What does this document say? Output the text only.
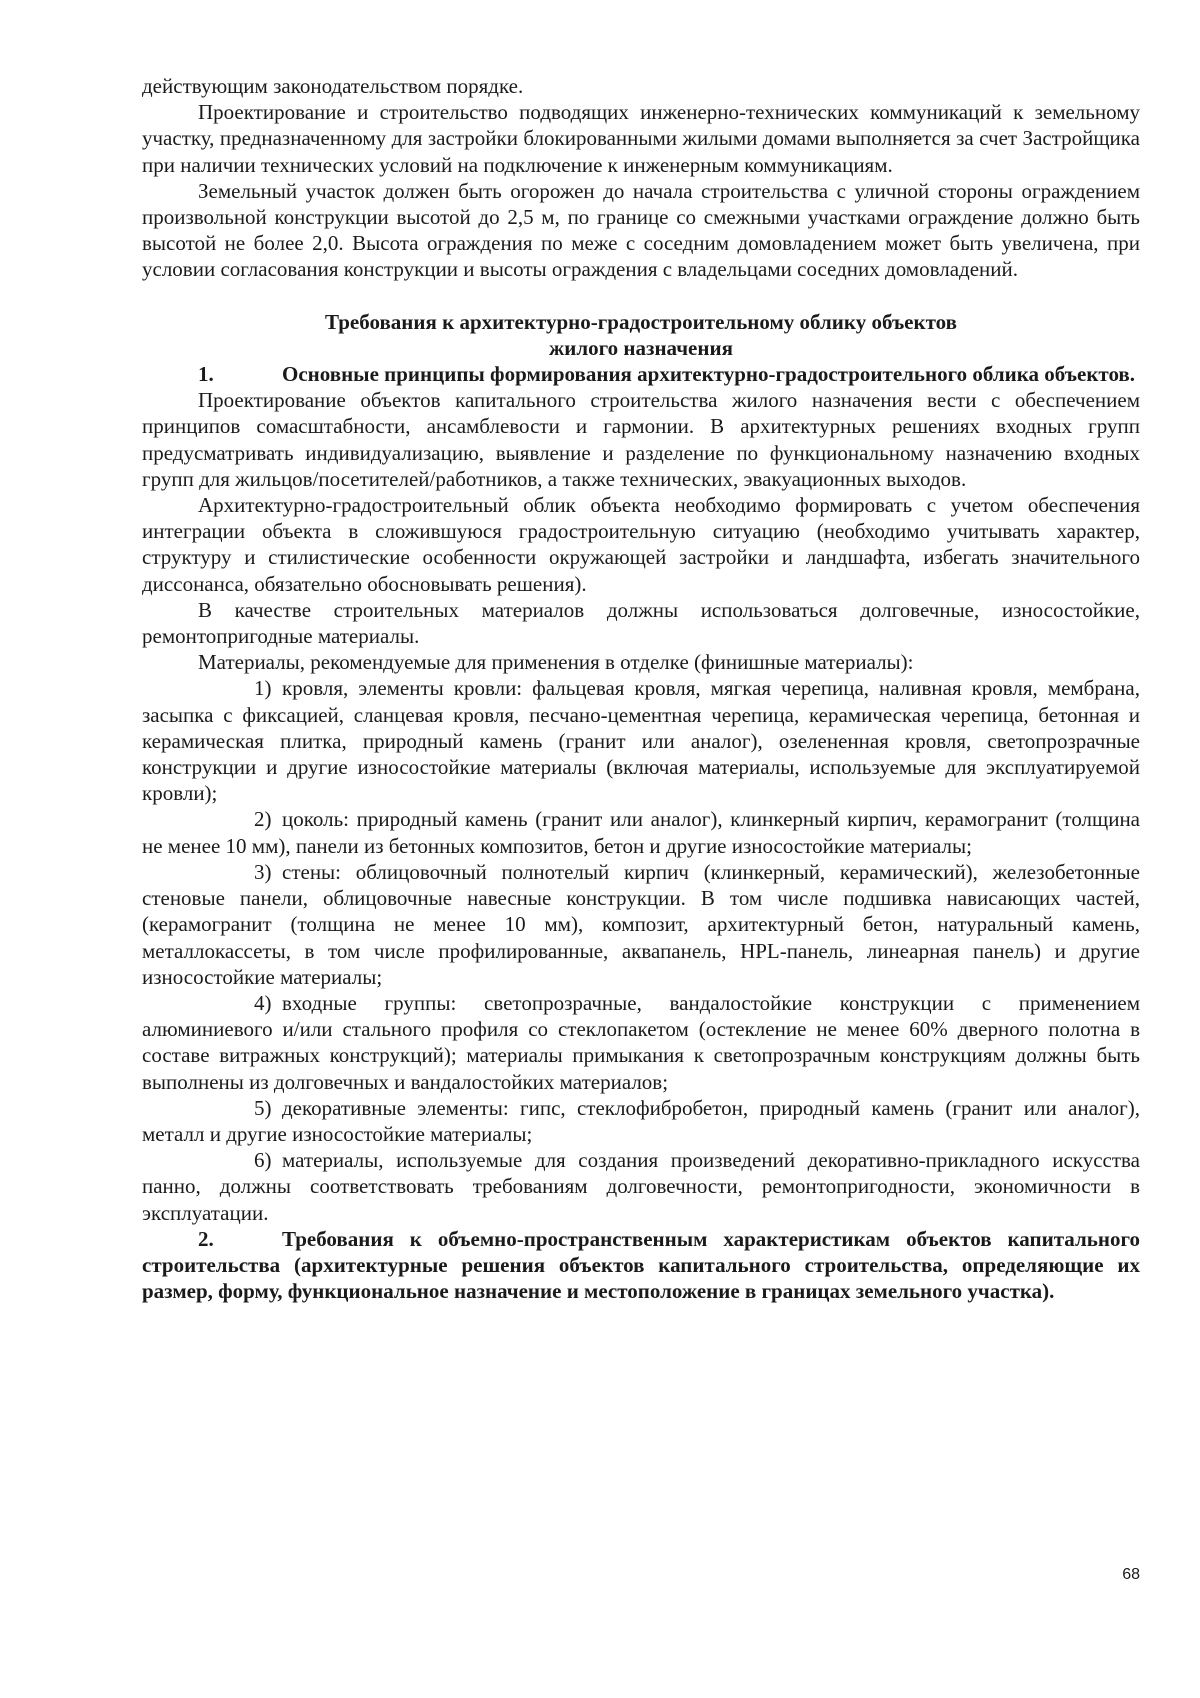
действующим законодательством порядке.

Проектирование и строительство подводящих инженерно-технических коммуникаций к земельному участку, предназначенному для застройки блокированными жилыми домами выполняется за счет Застройщика при наличии технических условий на подключение к инженерным коммуникациям.

Земельный участок должен быть огорожен до начала строительства с уличной стороны ограждением произвольной конструкции высотой до 2,5 м, по границе со смежными участками ограждение должно быть высотой не более 2,0. Высота ограждения по меже с соседним домовладением может быть увеличена, при условии согласования конструкции и высоты ограждения с владельцами соседних домовладений.

Требования к архитектурно-градостроительному облику объектов
жилого назначения

1.	Основные принципы формирования архитектурно-градостроительного облика объектов.

Проектирование объектов капитального строительства жилого назначения вести с обеспечением принципов сомасштабности, ансамблевости и гармонии. В архитектурных решениях входных групп предусматривать индивидуализацию, выявление и разделение по функциональному назначению входных групп для жильцов/посетителей/работников, а также технических, эвакуационных выходов.

Архитектурно-градостроительный облик объекта необходимо формировать с учетом обеспечения интеграции объекта в сложившуюся градостроительную ситуацию (необходимо учитывать характер, структуру и стилистические особенности окружающей застройки и ландшафта, избегать значительного диссонанса, обязательно обосновывать решения).

В качестве строительных материалов должны использоваться долговечные, износостойкие, ремонтопригодные материалы.

Материалы, рекомендуемые для применения в отделке (финишные материалы):

1) кровля, элементы кровли: фальцевая кровля, мягкая черепица, наливная кровля, мембрана, засыпка с фиксацией, сланцевая кровля, песчано-цементная черепица, керамическая черепица, бетонная и керамическая плитка, природный камень (гранит или аналог), озелененная кровля, светопрозрачные конструкции и другие износостойкие материалы (включая материалы, используемые для эксплуатируемой кровли);

2) цоколь: природный камень (гранит или аналог), клинкерный кирпич, керамогранит (толщина не менее 10 мм), панели из бетонных композитов, бетон и другие износостойкие материалы;

3) стены: облицовочный полнотелый кирпич (клинкерный, керамический), железобетонные стеновые панели, облицовочные навесные конструкции. В том числе подшивка нависающих частей, (керамогранит (толщина не менее 10 мм), композит, архитектурный бетон, натуральный камень, металлокассеты, в том числе профилированные, аквапанель, HPL-панель, линеарная панель) и другие износостойкие материалы;

4) входные группы: светопрозрачные, вандалостойкие конструкции с применением алюминиевого и/или стального профиля со стеклопакетом (остекление не менее 60% дверного полотна в составе витражных конструкций); материалы примыкания к светопрозрачным конструкциям должны быть выполнены из долговечных и вандалостойких материалов;

5) декоративные элементы: гипс, стеклофибробетон, природный камень (гранит или аналог), металл и другие износостойкие материалы;

6) материалы, используемые для создания произведений декоративно-прикладного искусства панно, должны соответствовать требованиям долговечности, ремонтопригодности, экономичности в эксплуатации.

2.	Требования к объемно-пространственным характеристикам объектов капитального строительства (архитектурные решения объектов капитального строительства, определяющие их размер, форму, функциональное назначение и местоположение в границах земельного участка).

68
